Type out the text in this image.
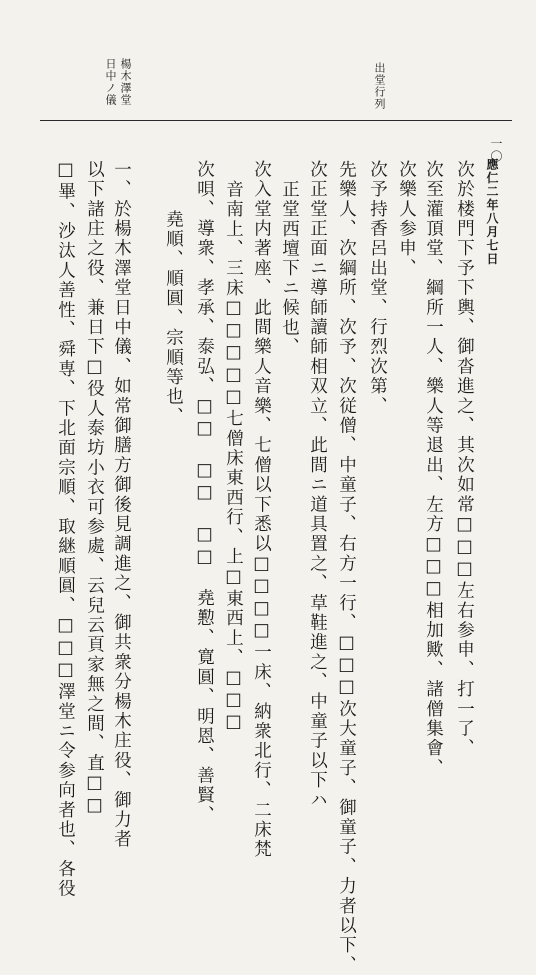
楊木澤堂
日中ノ儀	出堂行列
一〇
應仁二年八月七日
次於楼門下予下輿、御沓進之、其次如常□□□左右参申、打一了、
次至灌頂堂、綱所一人、樂人等退出、左方□□□相加歟、諸僧集會、
次樂人参申、
次予持香呂出堂、行烈次第、
先樂人、次綱所、次予、次従僧、中童子、右方一行、□□□次大童子、御童子、力者以下、
次正堂正面ニ導師讀師相双立、此間ニ道具置之、草鞋進之、中童子以下ハ
正堂西壇下ニ候也、
次入堂内著座、此間樂人音樂、七僧以下悉以□□□□一床、納衆北行、二床梵
音南上、三床□□□□□七僧床東西行、上□東西上、□□□
次唄、導衆、孝承、泰弘、□□　□□　□□　堯懃、寛圓、明恩、善賢、
堯順、順圓、宗順等也、
一、於楊木澤堂日中儀、如常御膳方御後見調進之、御共衆分楊木庄役、御力者
以下諸庄之役、兼日下□役人泰坊小衣可参處、云兒云頁家無之間、直□□
□畢、沙汰人善性、舜専、下北面宗順、取継順圓、□□□澤堂ニ令参向者也、各役
